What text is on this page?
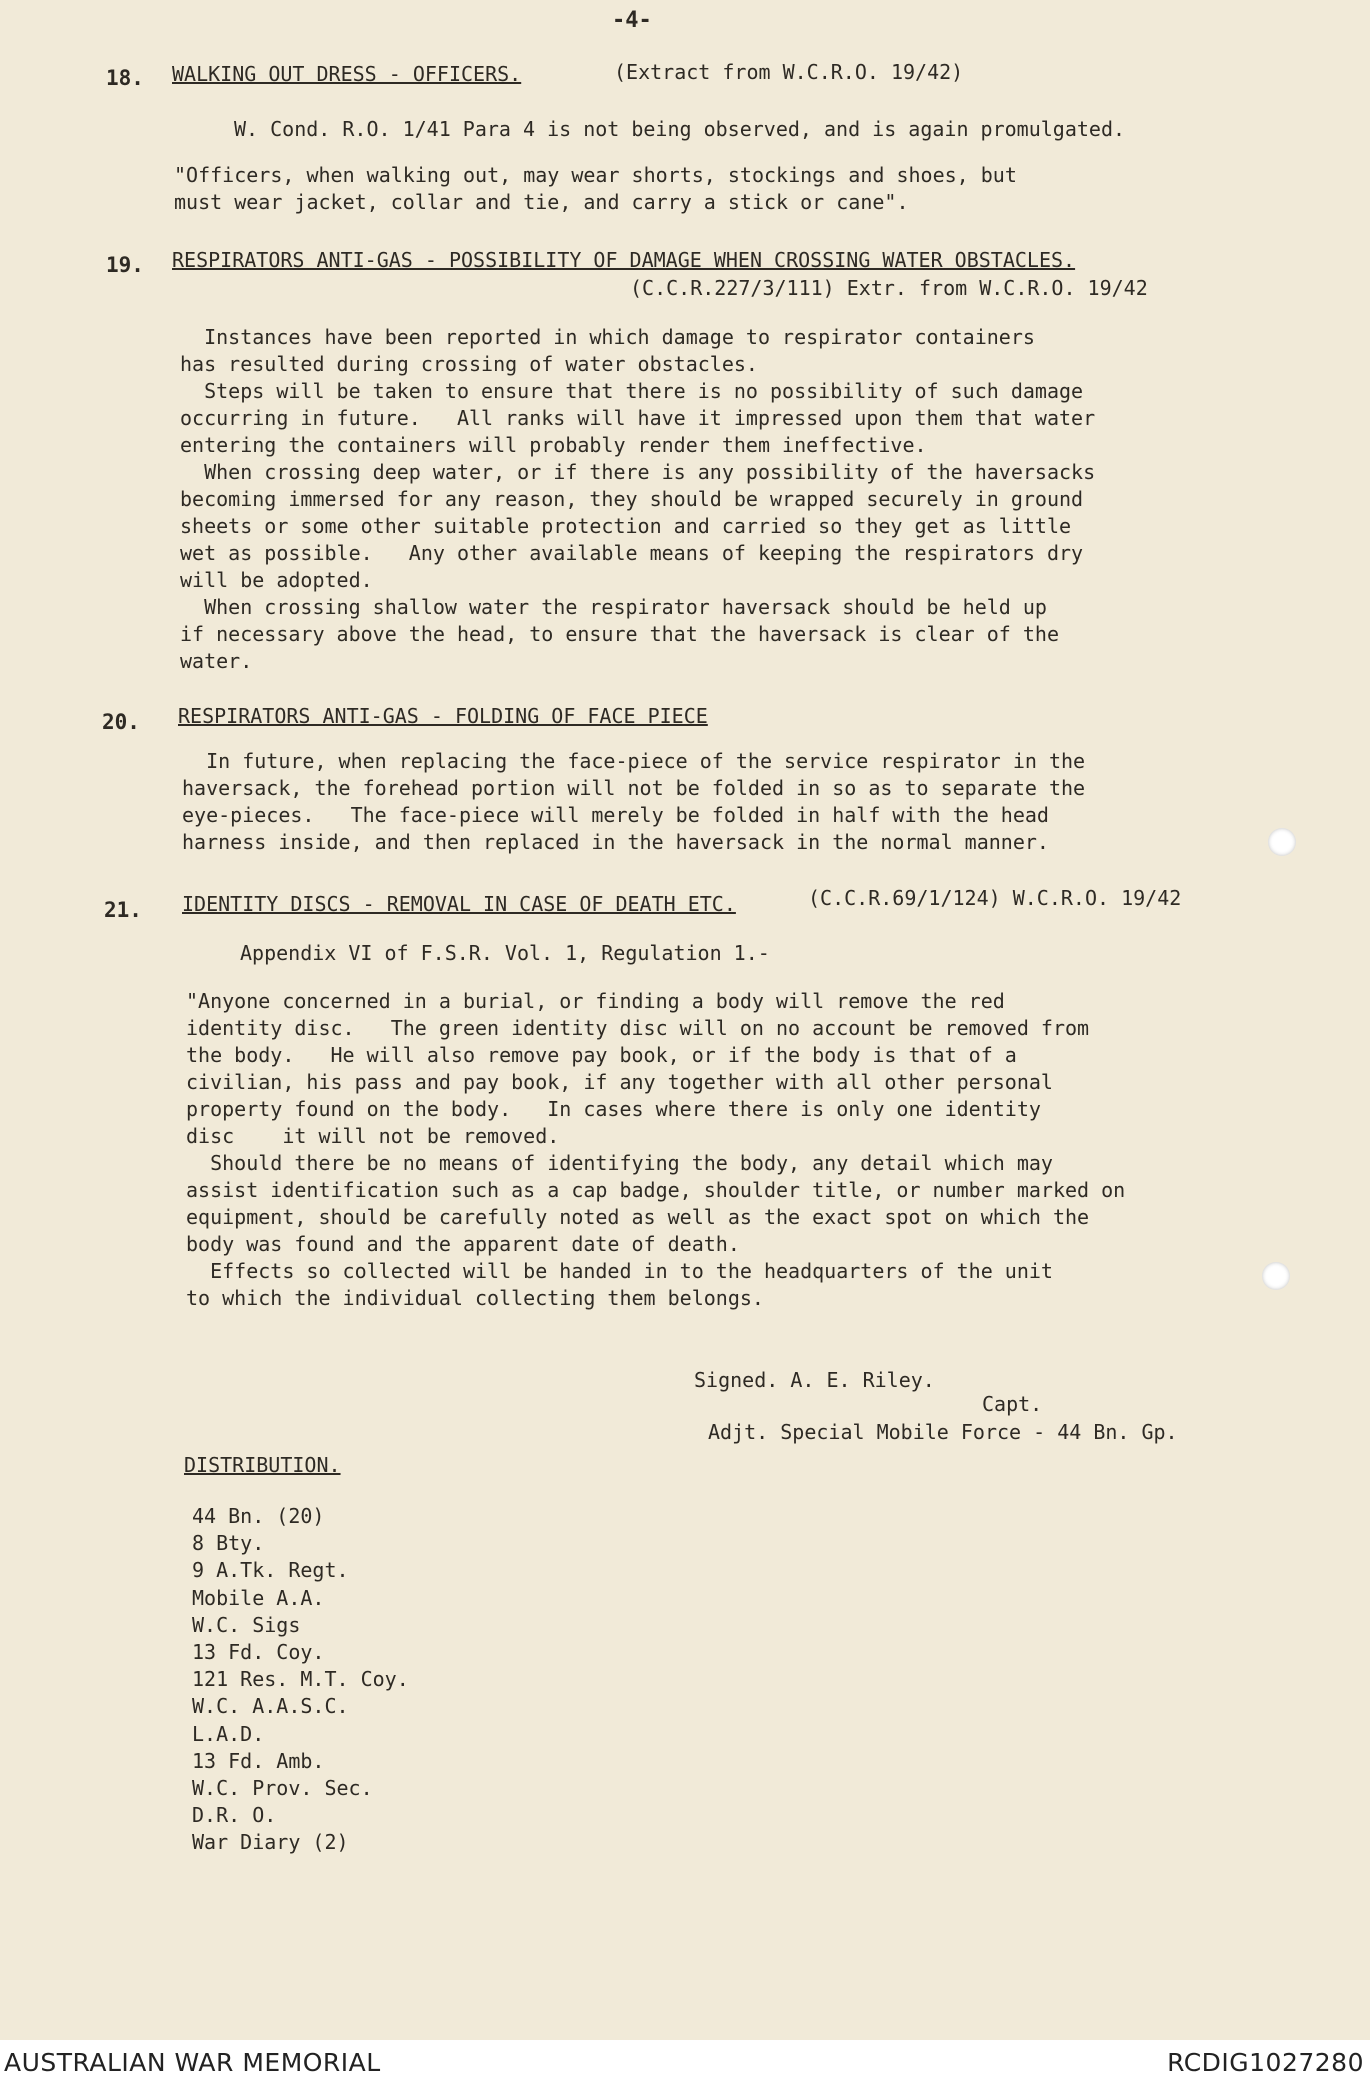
-4-
18. WALKING OUT DRESS - OFFICERS.	(Extract from W.C.R.O. 19/42)
W. Cond. R.O. 1/41 Para 4 is not being observed, and is again promulgated.
"Officers, when walking out, may wear shorts, stockings and shoes, but
must wear jacket, collar and tie, and carry a stick or cane".
19. RESPIRATORS ANTI-GAS - POSSIBILITY OF DAMAGE WHEN CROSSING WATER OBSTACLES.
(C.C.R.227/3/111) Extr. from W.C.R.O. 19/42
Instances have been reported in which damage to respirator containers
has resulted during crossing of water obstacles.
Steps will be taken to ensure that there is no possibility of such damage
occurring in future.   All ranks will have it impressed upon them that water
entering the containers will probably render them ineffective.
When crossing deep water, or if there is any possibility of the haversacks
becoming immersed for any reason, they should be wrapped securely in ground
sheets or some other suitable protection and carried so they get as little
wet as possible.   Any other available means of keeping the respirators dry
will be adopted.
When crossing shallow water the respirator haversack should be held up
if necessary above the head, to ensure that the haversack is clear of the
water.
20. RESPIRATORS ANTI-GAS - FOLDING OF FACE PIECE
In future, when replacing the face-piece of the service respirator in the
haversack, the forehead portion will not be folded in so as to separate the
eye-pieces.   The face-piece will merely be folded in half with the head
harness inside, and then replaced in the haversack in the normal manner.
21. IDENTITY DISCS - REMOVAL IN CASE OF DEATH ETC.	(C.C.R.69/1/124) W.C.R.O. 19/42
Appendix VI of F.S.R. Vol. 1, Regulation 1.-
"Anyone concerned in a burial, or finding a body will remove the red
identity disc.   The green identity disc will on no account be removed from
the body.   He will also remove pay book, or if the body is that of a
civilian, his pass and pay book, if any together with all other personal
property found on the body.   In cases where there is only one identity
disc    it will not be removed.
Should there be no means of identifying the body, any detail which may
assist identification such as a cap badge, shoulder title, or number marked on
equipment, should be carefully noted as well as the exact spot on which the
body was found and the apparent date of death.
Effects so collected will be handed in to the headquarters of the unit
to which the individual collecting them belongs.
Signed. A. E. Riley.
Capt.
Adjt. Special Mobile Force - 44 Bn. Gp.
DISTRIBUTION.
44 Bn. (20)
8 Bty.
9 A.Tk. Regt.
Mobile A.A.
W.C. Sigs
13 Fd. Coy.
121 Res. M.T. Coy.
W.C. A.A.S.C.
L.A.D.
13 Fd. Amb.
W.C. Prov. Sec.
D.R. O.
War Diary (2)
AUSTRALIAN WAR MEMORIAL	RCDIG1027280
